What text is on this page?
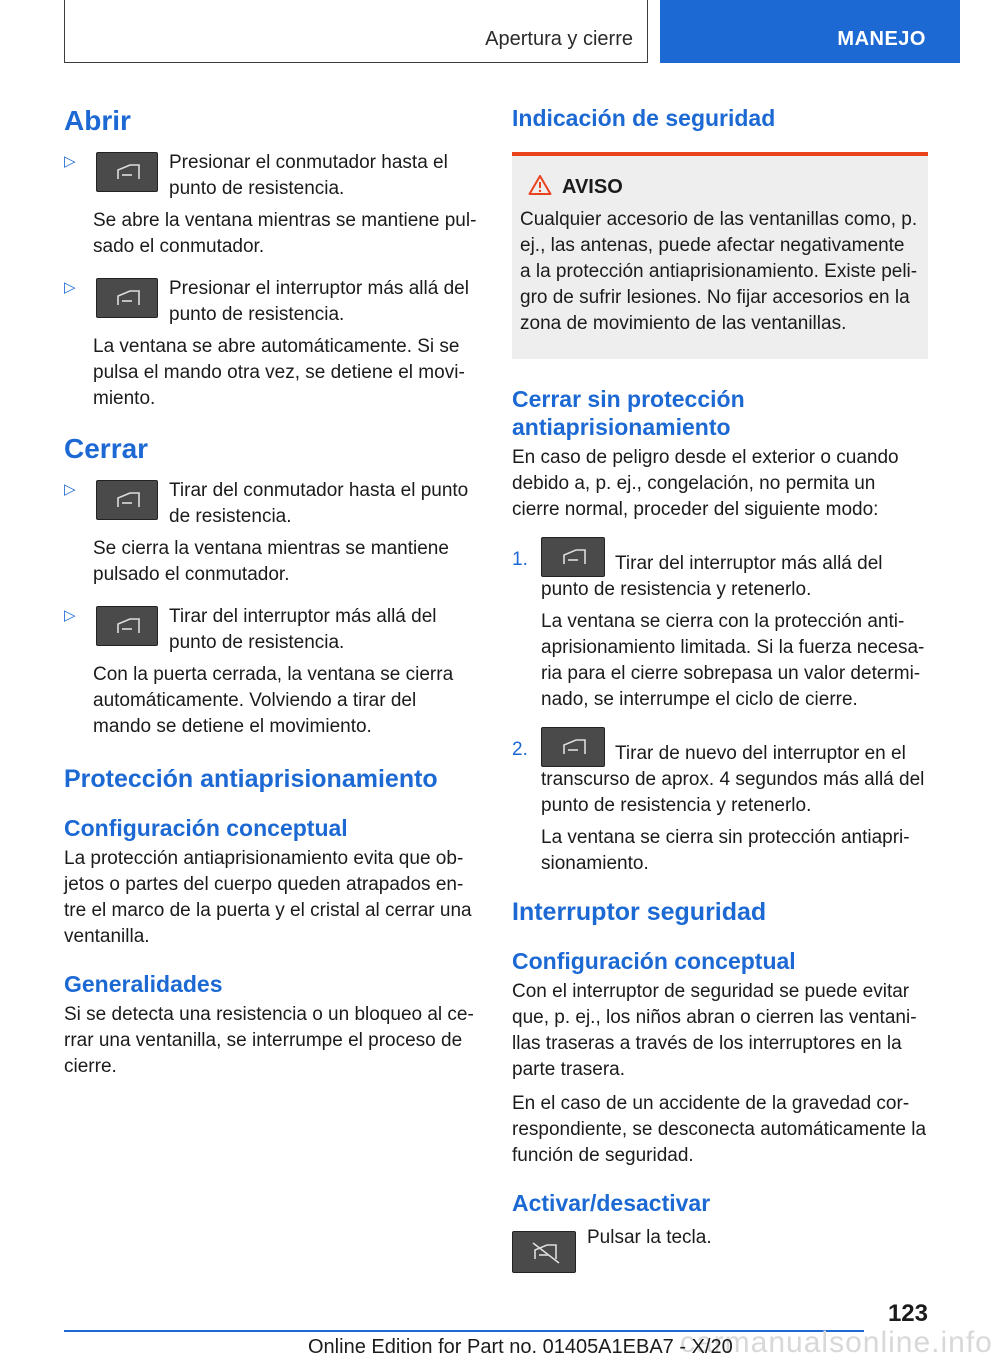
Apertura y cierre	MANEJO
Abrir
▷	Presionar el conmutador hasta el punto de resistencia.

Se abre la ventana mientras se mantiene pulsado el conmutador.

▷	Presionar el interruptor más allá del punto de resistencia.

La ventana se abre automáticamente. Si se pulsa el mando otra vez, se detiene el movimiento.

Cerrar
▷	Tirar del conmutador hasta el punto de resistencia.

Se cierra la ventana mientras se mantiene pulsado el conmutador.

▷	Tirar del interruptor más allá del punto de resistencia.

Con la puerta cerrada, la ventana se cierra automáticamente. Volviendo a tirar del mando se detiene el movimiento.

Protección antiaprisionamiento
Configuración conceptual

La protección antiaprisionamiento evita que objetos o partes del cuerpo queden atrapados entre el marco de la puerta y el cristal al cerrar una ventanilla.

Generalidades

Si se detecta una resistencia o un bloqueo al cerrar una ventanilla, se interrumpe el proceso de cierre.

Indicación de seguridad
AVISO

Cualquier accesorio de las ventanillas como, p. ej., las antenas, puede afectar negativamente a la protección antiaprisionamiento. Existe peligro de sufrir lesiones. No fijar accesorios en la zona de movimiento de las ventanillas.

Cerrar sin protección antiaprisionamiento

En caso de peligro desde el exterior o cuando debido a, p. ej., congelación, no permita un cierre normal, proceder del siguiente modo:

1.	Tirar del interruptor más allá del punto de resistencia y retenerlo.

La ventana se cierra con la protección antiaprisionamiento limitada. Si la fuerza necesaria para el cierre sobrepasa un valor determinado, se interrumpe el ciclo de cierre.

2.	Tirar de nuevo del interruptor en el transcurso de aprox. 4 segundos más allá del punto de resistencia y retenerlo.

La ventana se cierra sin protección antiaprisionamiento.

Interruptor seguridad
Configuración conceptual

Con el interruptor de seguridad se puede evitar que, p. ej., los niños abran o cierren las ventanillas traseras a través de los interruptores en la parte trasera.

En el caso de un accidente de la gravedad correspondiente, se desconecta automáticamente la función de seguridad.

Activar/desactivar

Pulsar la tecla.

123
carmanualsonline.info
Online Edition for Part no. 01405A1EBA7 - X/20
